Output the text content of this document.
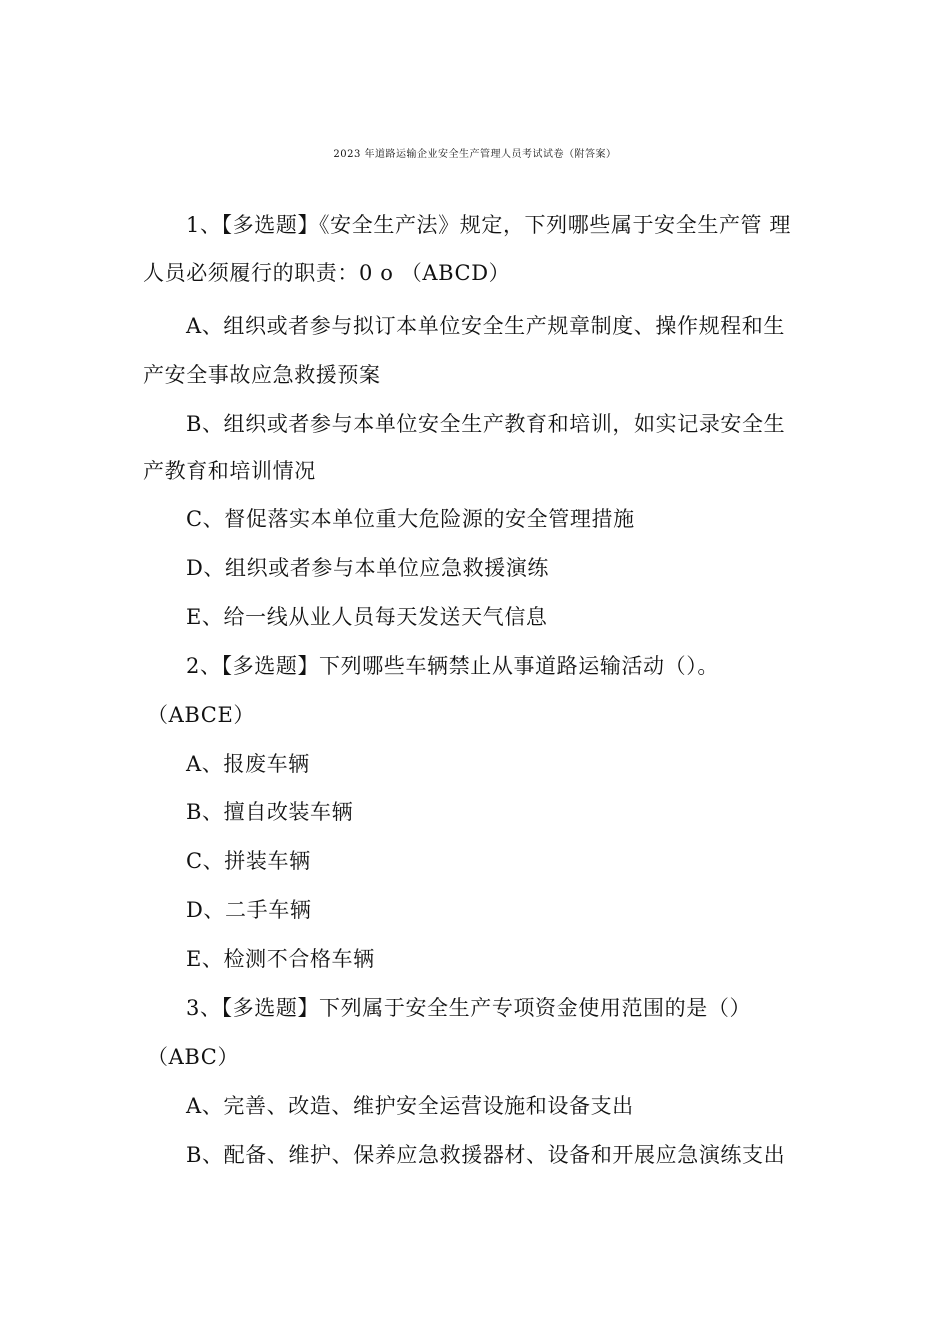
2023 年道路运输企业安全生产管理人员考试试卷（附答案）
1、【多选题】《安全生产法》规定，下列哪些属于安全生产管 理
人员必须履行的职责：0 o （ABCD）
A、组织或者参与拟订本单位安全生产规章制度、操作规程和生
产安全事故应急救援预案
B、组织或者参与本单位安全生产教育和培训，如实记录安全生
产教育和培训情况
C、督促落实本单位重大危险源的安全管理措施
D、组织或者参与本单位应急救援演练
E、给一线从业人员每天发送天气信息
2、【多选题】下列哪些车辆禁止从事道路运输活动（）。
（ABCE）
A、报废车辆
B、擅自改装车辆
C、拼装车辆
D、二手车辆
E、检测不合格车辆
3、【多选题】下列属于安全生产专项资金使用范围的是（）
（ABC）
A、完善、改造、维护安全运营设施和设备支出
B、配备、维护、保养应急救援器材、设备和开展应急演练支出
